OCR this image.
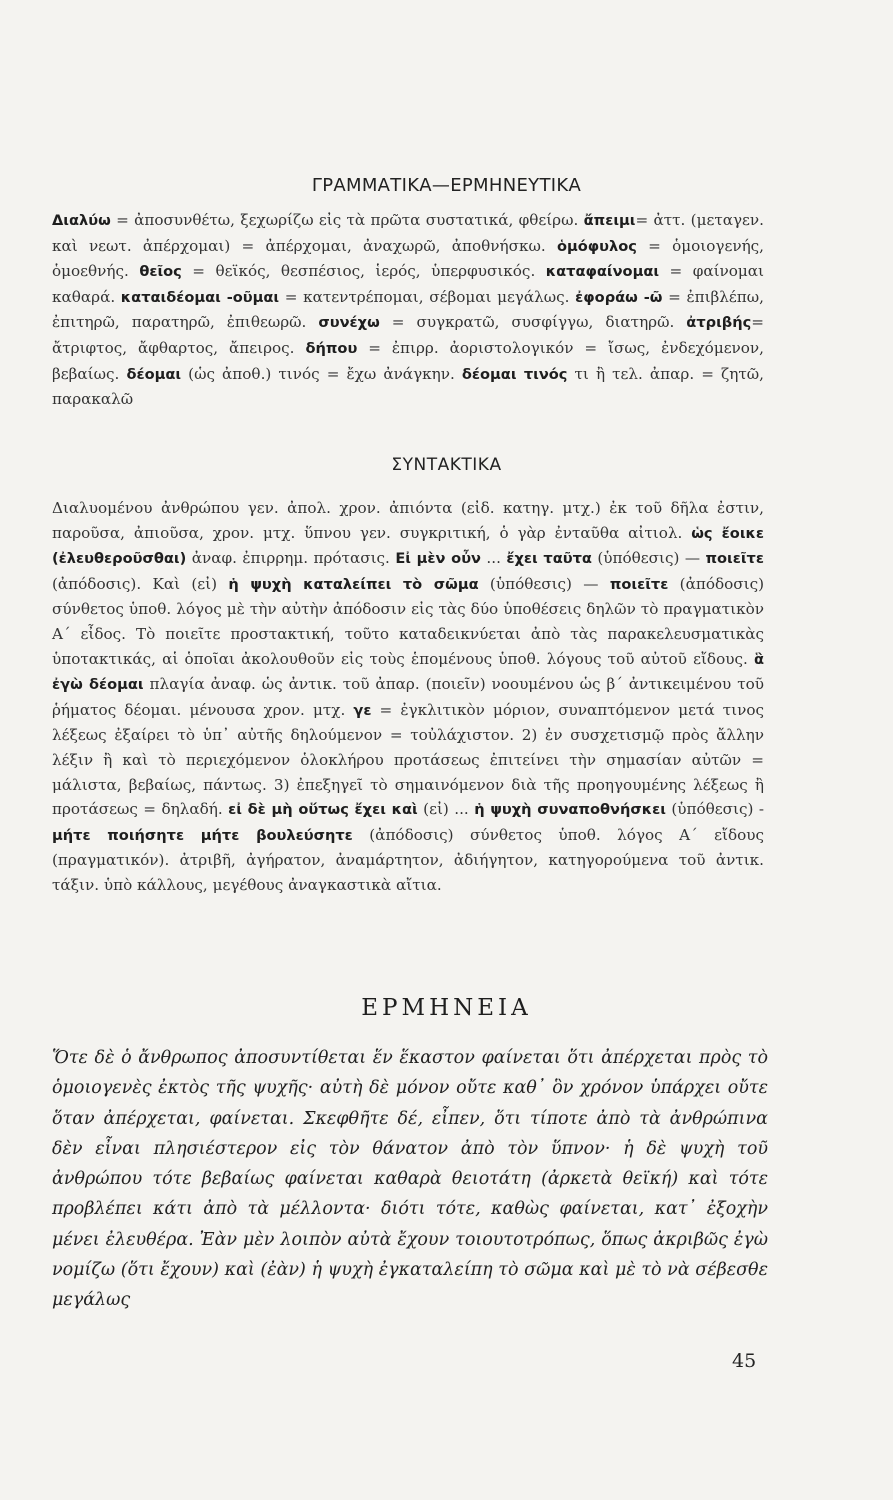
ΓΡΑΜΜΑΤΙΚΑ—ΕΡΜΗΝΕΥΤΙΚΑ

Διαλύω = ἀποσυνθέτω, ξεχωρίζω εἰς τὰ πρῶτα συστατικά, φθείρω. ἄπειμι= ἀττ. (μεταγεν. καὶ νεωτ. ἀπέρχομαι) = ἀπέρχομαι, ἀναχωρῶ, ἀποθνήσκω. ὁμόφυλος = ὁμοιογενής, ὁμοεθνής. θεῖος = θεϊκός, θεσπέσιος, ἱερός, ὑπερφυσικός. καταφαίνομαι = φαίνομαι καθαρά. καταιδέομαι -οῦμαι = κατεντρέπομαι, σέβομαι μεγάλως. ἐφοράω -ῶ = ἐπιβλέπω, ἐπιτηρῶ, παρατηρῶ, ἐπιθεωρῶ. συνέχω = συγκρατῶ, συσφίγγω, διατηρῶ. ἀτριβής= ἄτριφτος, ἄφθαρτος, ἄπειρος. δήπου = ἐπιρρ. ἀοριστολογικόν = ἴσως, ἐνδεχόμενον, βεβαίως. δέομαι (ὡς ἀποθ.) τινός = ἔχω ἀνάγκην. δέομαι τινός τι ἢ τελ. ἀπαρ. = ζητῶ, παρακαλῶ

ΣΥΝΤΑΚΤΙΚΑ

Διαλυομένου ἀνθρώπου γεν. ἀπολ. χρον. ἀπιόντα (εἰδ. κατηγ. μτχ.) ἐκ τοῦ δῆλα ἐστιν, παροῦσα, ἀπιοῦσα, χρον. μτχ. ὕπνου γεν. συγκριτική, ὁ γὰρ ἐνταῦθα αἰτιολ. ὡς ἔοικε (ἐλευθεροῦσθαι) ἀναφ. ἐπιρρημ. πρότασις. Εἰ μὲν οὖν ... ἔχει ταῦτα (ὑπόθεσις) — ποιεῖτε (ἀπόδοσις). Καὶ (εἰ) ἡ ψυχὴ καταλείπει τὸ σῶμα (ὑπόθεσις) — ποιεῖτε (ἀπόδοσις) σύνθετος ὑποθ. λόγος μὲ τὴν αὐτὴν ἀπόδοσιν εἰς τὰς δύο ὑποθέσεις δηλῶν τὸ πραγματικὸν Α΄ εἶδος. Τὸ ποιεῖτε προστακτική, τοῦτο καταδεικνύεται ἀπὸ τὰς παρακελευσματικὰς ὑποτακτικάς, αἱ ὁποῖαι ἀκολουθοῦν εἰς τοὺς ἑπομένους ὑποθ. λόγους τοῦ αὐτοῦ εἴδους. ἃ ἐγὼ δέομαι πλαγία ἀναφ. ὡς ἀντικ. τοῦ ἀπαρ. (ποιεῖν) νοουμένου ὡς β΄ ἀντικειμένου τοῦ ῥήματος δέομαι. μένουσα χρον. μτχ. γε = ἐγκλιτικὸν μόριον, συναπτόμενον μετά τινος λέξεως ἐξαίρει τὸ ὑπ᾽ αὐτῆς δηλούμενον = τοὐλάχιστον. 2) ἐν συσχετισμῷ πρὸς ἄλλην λέξιν ἢ καὶ τὸ περιεχόμενον ὁλοκλήρου προτάσεως ἐπιτείνει τὴν σημασίαν αὐτῶν = μάλιστα, βεβαίως, πάντως. 3) ἐπεξηγεῖ τὸ σημαινόμενον διὰ τῆς προηγουμένης λέξεως ἢ προτάσεως = δηλαδή. εἰ δὲ μὴ οὕτως ἔχει καὶ (εἰ) ... ἡ ψυχὴ συναποθνήσκει (ὑπόθεσις) - μήτε ποιήσητε μήτε βουλεύσητε (ἀπόδοσις) σύνθετος ὑποθ. λόγος Α΄ εἴδους (πραγματικόν). ἀτριβῆ, ἀγήρατον, ἀναμάρτητον, ἀδιήγητον, κατηγορούμενα τοῦ ἀντικ. τάξιν. ὑπὸ κάλλους, μεγέθους ἀναγκαστικὰ αἴτια.

ΕΡΜΗΝΕΙΑ

Ὅτε δὲ ὁ ἄνθρωπος ἀποσυντίθεται ἕν ἕκαστον φαίνεται ὅτι ἀπέρχεται πρὸς τὸ ὁμοιογενὲς ἐκτὸς τῆς ψυχῆς· αὐτὴ δὲ μόνον οὔτε καθ᾽ ὃν χρόνον ὑπάρχει οὔτε ὅταν ἀπέρχεται, φαίνεται. Σκεφθῆτε δέ, εἶπεν, ὅτι τίποτε ἀπὸ τὰ ἀνθρώπινα δὲν εἶναι πλησιέστερον εἰς τὸν θάνατον ἀπὸ τὸν ὕπνον· ἡ δὲ ψυχὴ τοῦ ἀνθρώπου τότε βεβαίως φαίνεται καθαρὰ θειοτάτη (ἀρκετὰ θεϊκή) καὶ τότε προβλέπει κάτι ἀπὸ τὰ μέλλοντα· διότι τότε, καθὼς φαίνεται, κατ᾽ ἐξοχὴν μένει ἐλευθέρα. Ἐὰν μὲν λοιπὸν αὐτὰ ἔχουν τοιουτοτρόπως, ὅπως ἀκριβῶς ἐγὼ νομίζω (ὅτι ἔχουν) καὶ (ἐὰν) ἡ ψυχὴ ἐγκαταλείπη τὸ σῶμα καὶ μὲ τὸ νὰ σέβεσθε μεγάλως

45
